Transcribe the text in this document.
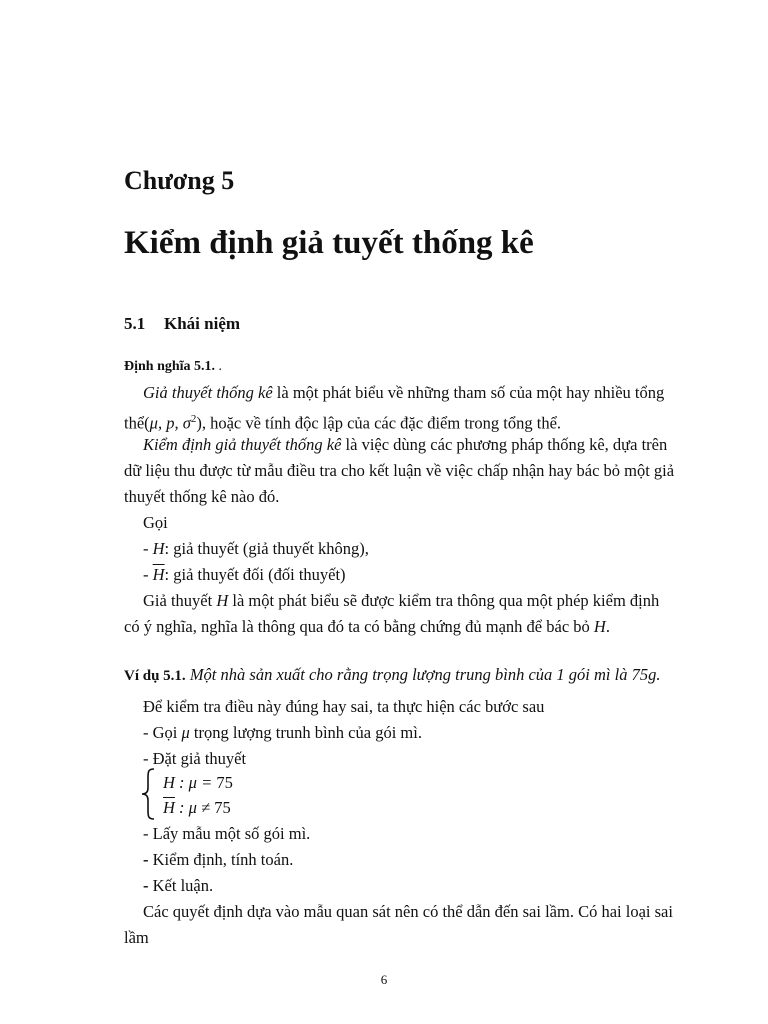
Chương 5
Kiểm định giả tuyết thống kê
5.1 Khái niệm
Định nghĩa 5.1. .
Giả thuyết thống kê là một phát biểu về những tham số của một hay nhiều tổng
thể(μ, p, $\sigma^2$), hoặc về tính độc lập của các đặc điểm trong tổng thể.
Kiểm định giả thuyết thống kê là việc dùng các phương pháp thống kê, dựa trên
dữ liệu thu được từ mẫu điều tra cho kết luận về việc chấp nhận hay bác bỏ một giả
thuyết thống kê nào đó.
Gọi
- H: giả thuyết (giả thuyết không),
- $\overline{H}$: giả thuyết đối (đối thuyết)
Giả thuyết H là một phát biểu sẽ được kiểm tra thông qua một phép kiểm định
có ý nghĩa, nghĩa là thông qua đó ta có bằng chứng đủ mạnh để bác bỏ H.
Ví dụ 5.1. Một nhà sản xuất cho rằng trọng lượng trung bình của 1 gói mì là 75g.
Để kiểm tra điều này đúng hay sai, ta thực hiện các bước sau
- Gọi μ trọng lượng trunh bình của gói mì.
- Đặt giả thuyết
H : μ = 75
$\overline{H}$ : μ ≠ 75
- Lấy mẫu một số gói mì.
- Kiểm định, tính toán.
- Kết luận.
Các quyết định dựa vào mẫu quan sát nên có thể dẫn đến sai lầm. Có hai loại sai
lầm
6
